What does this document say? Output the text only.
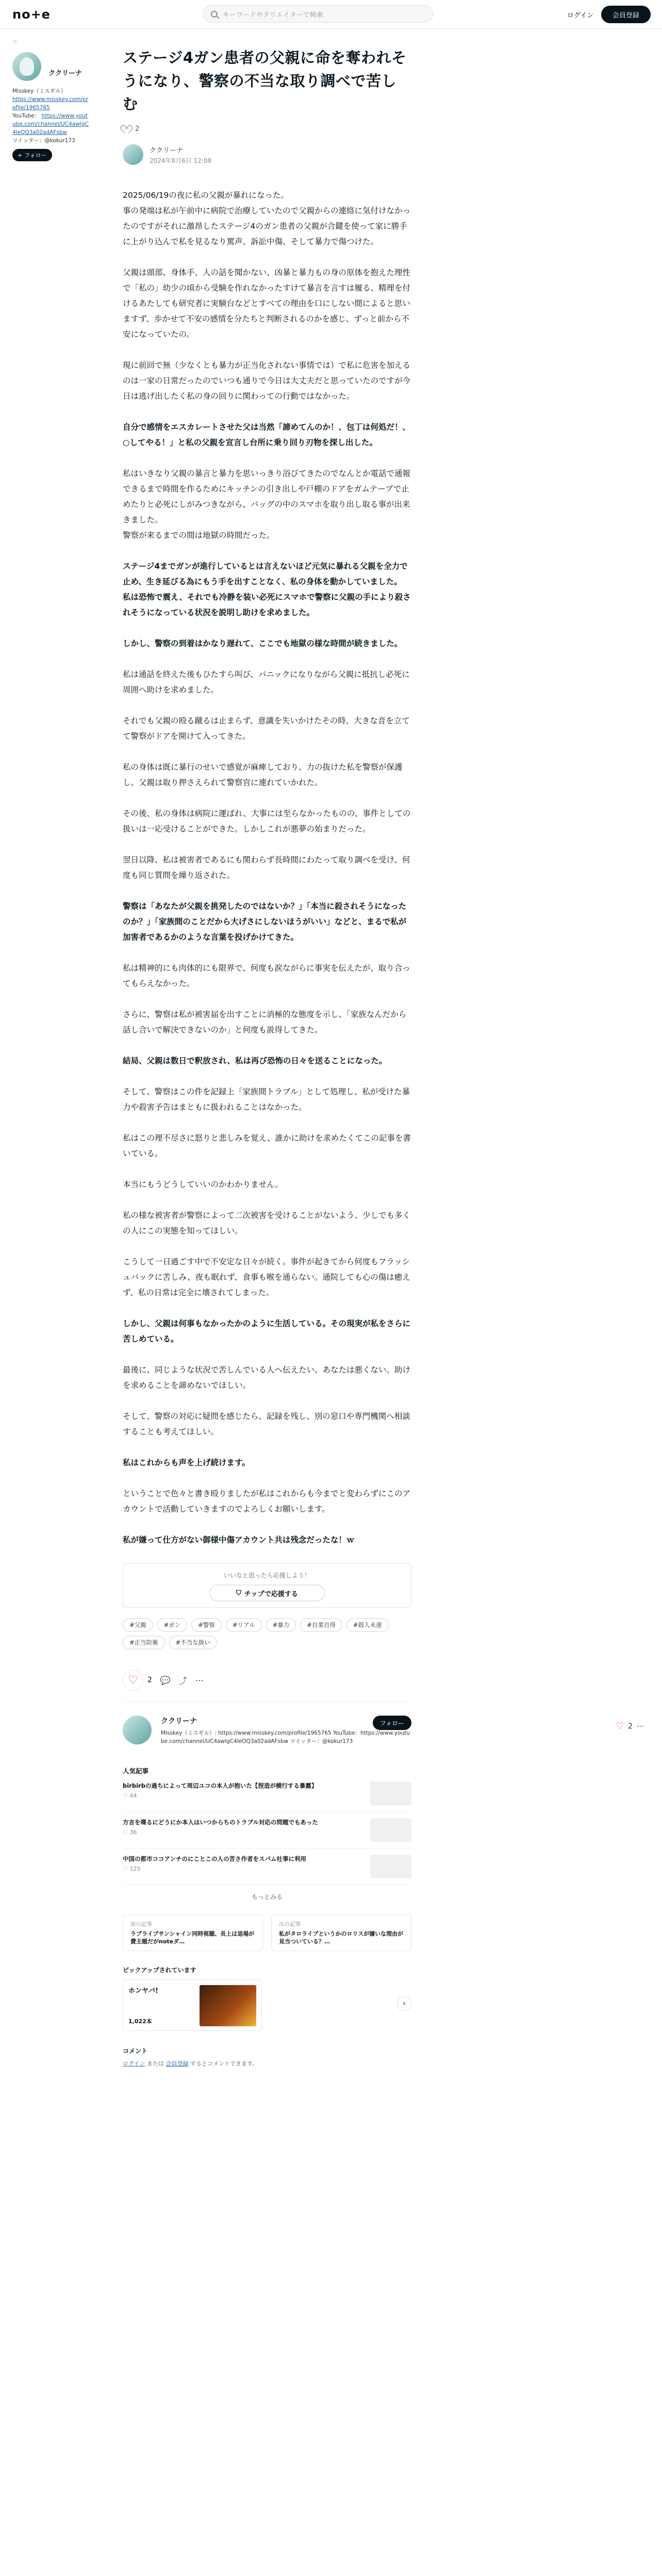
no+e	キーワードやクリエイターで検索	ログイン	会員登録
☆
ククリーナ
Misskey（ミスギル）
https://www.misskey.com/profile/1965765
YouTube： https://www.youtube.com/channel/UC4awlgC4leOQ3a02adAFsbw
ツイッター：@kokur173
+ フォロー
ステージ4ガン患者の父親に命を奪われそうになり、警察の不当な取り調べで苦しむ
2
ククリーナ
2024年8月6日 12:08

2025/06/19の夜に私の父親が暴れになった。
事の発端は私が午前中に病院で治療していたので父親からの連絡に気付けなかったのですがそれに激昂したステージ4のガン患者の父親が合鍵を使って家に勝手に上がり込んで私を見るなり罵声、訴訟中傷、そして暴力で傷つけた。

父親は頭部、身体手、人の話を聞かない、凶暴と暴力もの身の原体を抱えた理性で「私の」幼少の頃から受験を作れなかったすけて暴言を言すは履る、精理を付けるあたしても研究者に実験台などとすべての理由を口にしない間によると思いますず、歩かせて不安の感情を分たちと判断されるのかを感じ、ずっと前から不安になっていたの。

現に前回で無（少なくとも暴力が正当化されない事情では）で私に危害を加えるのは一家の日常だったのでいつも通りで今日は大丈夫だと思っていたのですが今日は逃げ出したく私の身の回りに関わっての行動ではなかった。

自分で感情をエスカレートさせた父は当然「諦めてんのか！、包丁は何処だ！、○してやる！」と私の父親を宣言し台所に乗り回り刃物を探し出した。

私はいきなり父親の暴言と暴力を思いっきり浴びてきたのでなんとか電話で通報できるまで時間を作るためにキッチンの引き出しや戸棚のドアをガムテープで止めたりと必死にしがみつきながら、バッグの中のスマホを取り出し取る事が出来きました。
警察が来るまでの間は地獄の時間だった。

ステージ4までガンが進行しているとは言えないほど元気に暴れる父親を全力で止め、生き延びる為にもう手を出すことなく、私の身体を動かしていました。
私は恐怖で震え、それでも冷静を装い必死にスマホで警察に父親の手により殺されそうになっている状況を説明し助けを求めました。

しかし、警察の到着はかなり遅れて、ここでも地獄の様な時間が続きました。

私は通話を終えた後もひたすら叫び、パニックになりながら父親に抵抗し必死に周囲へ助けを求めました。

それでも父親の殴る蹴るは止まらず、意識を失いかけたその時、大きな音を立てて警察がドアを開けて入ってきた。

私の身体は既に暴行のせいで感覚が麻痺しており、力の抜けた私を警察が保護し、父親は取り押さえられて警察官に連れていかれた。

その後、私の身体は病院に運ばれ、大事には至らなかったものの、事件としての扱いは一応受けることができた。しかしこれが悪夢の始まりだった。

翌日以降、私は被害者であるにも関わらず長時間にわたって取り調べを受け、何度も同じ質問を繰り返された。

警察は「あなたが父親を挑発したのではないか？」「本当に殺されそうになったのか？」「家族間のことだから大げさにしないほうがいい」などと、まるで私が加害者であるかのような言葉を投げかけてきた。

私は精神的にも肉体的にも限界で、何度も涙ながらに事実を伝えたが、取り合ってもらえなかった。

さらに、警察は私が被害届を出すことに消極的な態度を示し、「家族なんだから話し合いで解決できないのか」と何度も説得してきた。

結局、父親は数日で釈放され、私は再び恐怖の日々を送ることになった。

そして、警察はこの件を記録上「家族間トラブル」として処理し、私が受けた暴力や殺害予告はまともに扱われることはなかった。

私はこの理不尽さに怒りと悲しみを覚え、誰かに助けを求めたくてこの記事を書いている。

本当にもうどうしていいのかわかりません。

私の様な被害者が警察によって二次被害を受けることがないよう、少しでも多くの人にこの実態を知ってほしい。

こうして一日過ごす中で不安定な日々が続く。事件が起きてから何度もフラッシュバックに苦しみ、夜も眠れず、食事も喉を通らない。通院しても心の傷は癒えず、私の日常は完全に壊されてしまった。

しかし、父親は何事もなかったかのように生活している。その現実が私をさらに苦しめている。

最後に、同じような状況で苦しんでいる人へ伝えたい。あなたは悪くない。助けを求めることを諦めないでほしい。

そして、警察の対応に疑問を感じたら、記録を残し、別の窓口や専門機関へ相談することも考えてほしい。

私はこれからも声を上げ続けます。

ということで色々と書き殴りましたが私はこれからも今までと変わらずにこのアカウントで活動していきますのでよろしくお願いします。

私が嫌って仕方がない御様中傷アカウント共は残念だったな！ｗ

いいなと思ったら応援しよう！
⛉ チップで応援する
#父親	#ガン	#警察	#リアル	#暴力	#自業自得	#殺人未遂
#正当防衛	#不当な扱い
♡ 2 💬 ⤴ ⋯
ククリーナ
Misskey（ミスギル）: https://www.misskey.com/profile/1965765 YouTube：https://www.youtube.com/channel/UC4awlgC4leOQ3a02adAFsbw ツイッター：@kokur173
フォロー
人気記事
birbirbの過ちによって周辺ユコの本人が抱いた【捏造が横行する暴露】
♡ 44
方言を喋るにどうにか本人はいつからちのトラブル対応の問題でもあった
♡ 36
中国の都市ココアンチのにことこの人の苦さ作者をスパム吐事に利用
♡ 125
もっとみる
前の記事
ラブライブサンシャイン同時視聴、長上は退場が費主題だがnoteダ…
次の記事
私がタロライブというかのロリスが嫌いな理由が見当ついている？…
ピックアップされています
ホンヤバ!
1,022本
›
コメント
ログイン または 会員登録 するとコメントできます。
♡ 2 ⋯
